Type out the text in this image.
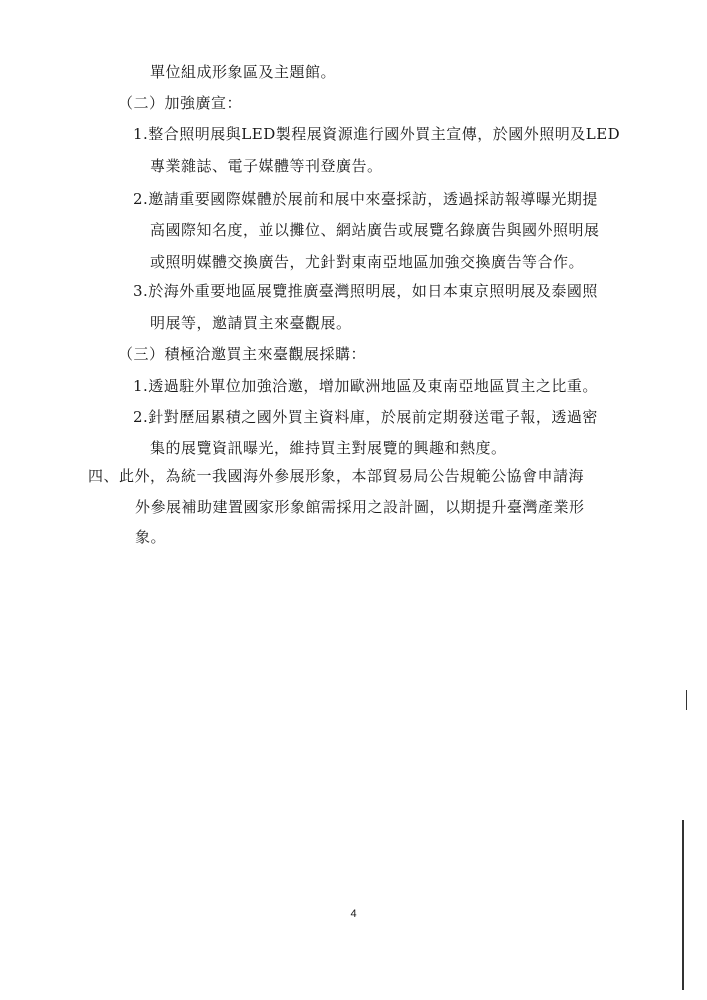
單位組成形象區及主題館。
（二）加強廣宣：
1.整合照明展與LED製程展資源進行國外買主宣傳，於國外照明及LED
專業雜誌、電子媒體等刊登廣告。
2.邀請重要國際媒體於展前和展中來臺採訪，透過採訪報導曝光期提
高國際知名度，並以攤位、網站廣告或展覽名錄廣告與國外照明展
或照明媒體交換廣告，尤針對東南亞地區加強交換廣告等合作。
3.於海外重要地區展覽推廣臺灣照明展，如日本東京照明展及泰國照
明展等，邀請買主來臺觀展。
（三）積極洽邀買主來臺觀展採購：
1.透過駐外單位加強洽邀，增加歐洲地區及東南亞地區買主之比重。
2.針對歷屆累積之國外買主資料庫，於展前定期發送電子報，透過密
集的展覽資訊曝光，維持買主對展覽的興趣和熱度。
四、此外，為統一我國海外參展形象，本部貿易局公告規範公協會申請海
外參展補助建置國家形象館需採用之設計圖，以期提升臺灣產業形
象。
4
